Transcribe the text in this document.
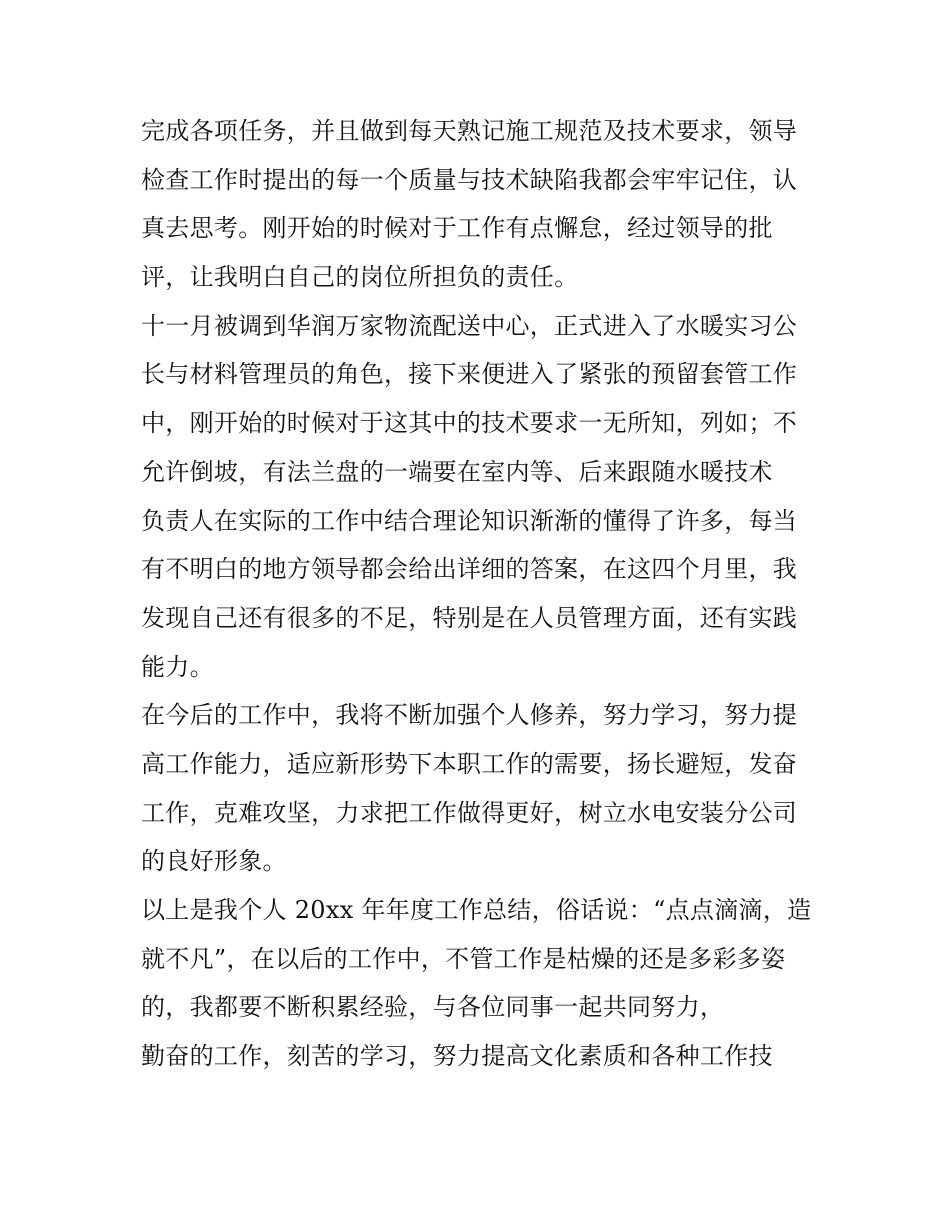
完成各项任务，并且做到每天熟记施工规范及技术要求，领导
检查工作时提出的每一个质量与技术缺陷我都会牢牢记住，认
真去思考。刚开始的时候对于工作有点懈怠，经过领导的批
评，让我明白自己的岗位所担负的责任。
十一月被调到华润万家物流配送中心，正式进入了水暖实习公
长与材料管理员的角色，接下来便进入了紧张的预留套管工作
中，刚开始的时候对于这其中的技术要求一无所知，列如；不
允许倒坡，有法兰盘的一端要在室内等、后来跟随水暖技术
负责人在实际的工作中结合理论知识渐渐的懂得了许多，每当
有不明白的地方领导都会给出详细的答案，在这四个月里，我
发现自己还有很多的不足，特别是在人员管理方面，还有实践
能力。
在今后的工作中，我将不断加强个人修养，努力学习，努力提
高工作能力，适应新形势下本职工作的需要，扬长避短，发奋
工作，克难攻坚，力求把工作做得更好，树立水电安装分公司
的良好形象。
以上是我个人 20xx 年年度工作总结，俗话说：“点点滴滴，造
就不凡”，在以后的工作中，不管工作是枯燥的还是多彩多姿
的，我都要不断积累经验，与各位同事一起共同努力，
勤奋的工作，刻苦的学习，努力提高文化素质和各种工作技
